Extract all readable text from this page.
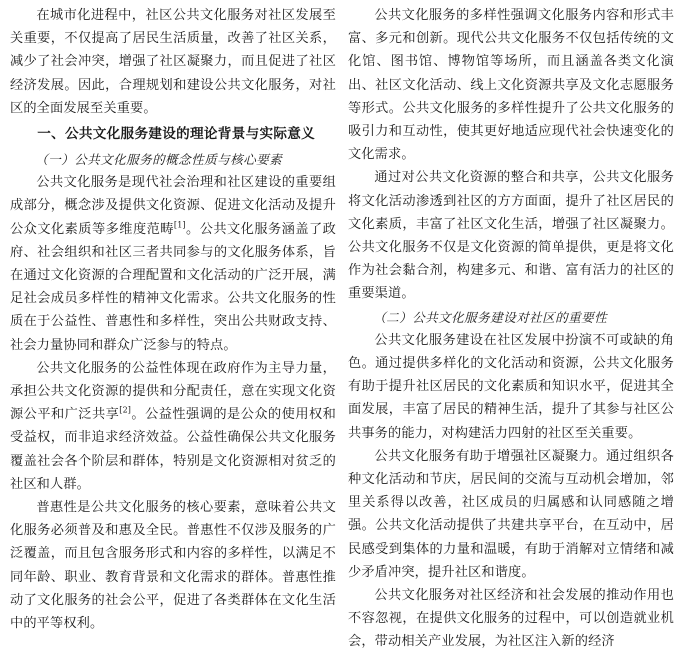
在城市化进程中，社区公共文化服务对社区发展至关重要，不仅提高了居民生活质量，改善了社区关系，减少了社会冲突，增强了社区凝聚力，而且促进了社区经济发展。因此，合理规划和建设公共文化服务，对社区的全面发展至关重要。

一、公共文化服务建设的理论背景与实际意义
（一）公共文化服务的概念性质与核心要素

公共文化服务是现代社会治理和社区建设的重要组成部分，概念涉及提供文化资源、促进文化活动及提升公众文化素质等多维度范畴[1]。公共文化服务涵盖了政府、社会组织和社区三者共同参与的文化服务体系，旨在通过文化资源的合理配置和文化活动的广泛开展，满足社会成员多样性的精神文化需求。公共文化服务的性质在于公益性、普惠性和多样性，突出公共财政支持、社会力量协同和群众广泛参与的特点。

公共文化服务的公益性体现在政府作为主导力量，承担公共文化资源的提供和分配责任，意在实现文化资源公平和广泛共享[2]。公益性强调的是公众的使用权和受益权，而非追求经济效益。公益性确保公共文化服务覆盖社会各个阶层和群体，特别是文化资源相对贫乏的社区和人群。

普惠性是公共文化服务的核心要素，意味着公共文化服务必须普及和惠及全民。普惠性不仅涉及服务的广泛覆盖，而且包含服务形式和内容的多样性，以满足不同年龄、职业、教育背景和文化需求的群体。普惠性推动了文化服务的社会公平，促进了各类群体在文化生活中的平等权利。

公共文化服务的多样性强调文化服务内容和形式丰富、多元和创新。现代公共文化服务不仅包括传统的文化馆、图书馆、博物馆等场所，而且涵盖各类文化演出、社区文化活动、线上文化资源共享及文化志愿服务等形式。公共文化服务的多样性提升了公共文化服务的吸引力和互动性，使其更好地适应现代社会快速变化的文化需求。

通过对公共文化资源的整合和共享，公共文化服务将文化活动渗透到社区的方方面面，提升了社区居民的文化素质，丰富了社区文化生活，增强了社区凝聚力。公共文化服务不仅是文化资源的简单提供，更是将文化作为社会黏合剂，构建多元、和谐、富有活力的社区的重要渠道。

（二）公共文化服务建设对社区的重要性

公共文化服务建设在社区发展中扮演不可或缺的角色。通过提供多样化的文化活动和资源，公共文化服务有助于提升社区居民的文化素质和知识水平，促进其全面发展，丰富了居民的精神生活，提升了其参与社区公共事务的能力，对构建活力四射的社区至关重要。

公共文化服务有助于增强社区凝聚力。通过组织各种文化活动和节庆，居民间的交流与互动机会增加，邻里关系得以改善，社区成员的归属感和认同感随之增强。公共文化活动提供了共建共享平台，在互动中，居民感受到集体的力量和温暖，有助于消解对立情绪和减少矛盾冲突，提升社区和谐度。

公共文化服务对社区经济和社会发展的推动作用也不容忽视，在提供文化服务的过程中，可以创造就业机会，带动相关产业发展，为社区注入新的经济
